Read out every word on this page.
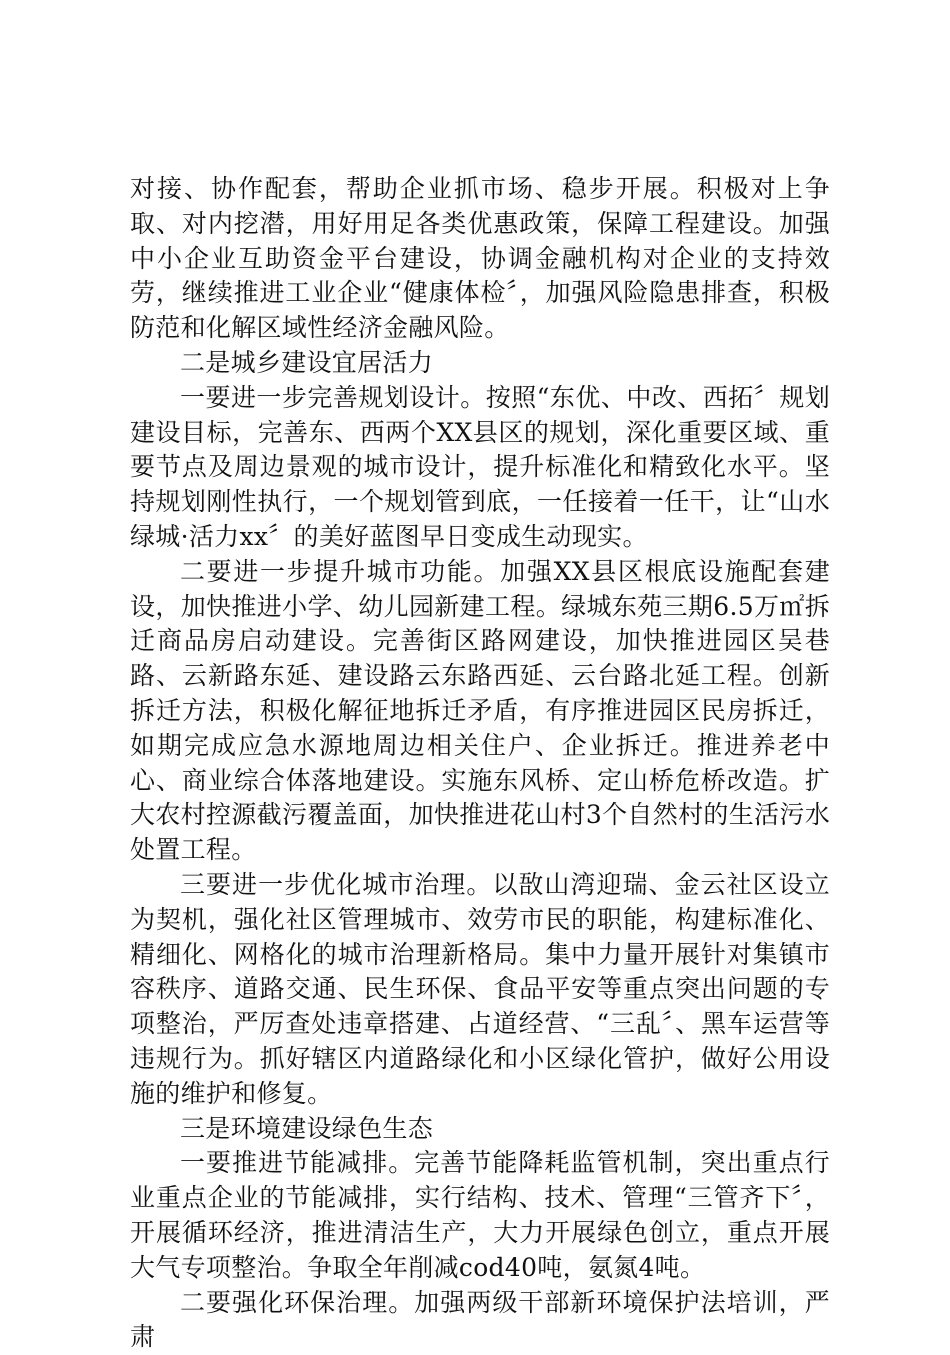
对接、协作配套，帮助企业抓市场、稳步开展。积极对上争取、对内挖潜，用好用足各类优惠政策，保障工程建设。加强中小企业互助资金平台建设，协调金融机构对企业的支持效劳，继续推进工业企业“健康体检〞，加强风险隐患排查，积极防范和化解区域性经济金融风险。

二是城乡建设宜居活力

一要进一步完善规划设计。按照“东优、中改、西拓〞规划建设目标，完善东、西两个XX县区的规划，深化重要区域、重要节点及周边景观的城市设计，提升标准化和精致化水平。坚持规划刚性执行，一个规划管到底，一任接着一任干，让“山水绿城·活力xx〞的美好蓝图早日变成生动现实。

二要进一步提升城市功能。加强XX县区根底设施配套建设，加快推进小学、幼儿园新建工程。绿城东苑三期6.5万㎡拆迁商品房启动建设。完善街区路网建设，加快推进园区吴巷路、云新路东延、建设路云东路西延、云台路北延工程。创新拆迁方法，积极化解征地拆迁矛盾，有序推进园区民房拆迁，如期完成应急水源地周边相关住户、企业拆迁。推进养老中心、商业综合体落地建设。实施东风桥、定山桥危桥改造。扩大农村控源截污覆盖面，加快推进花山村3个自然村的生活污水处置工程。

三要进一步优化城市治理。以敔山湾迎瑞、金云社区设立为契机，强化社区管理城市、效劳市民的职能，构建标准化、精细化、网格化的城市治理新格局。集中力量开展针对集镇市容秩序、道路交通、民生环保、食品平安等重点突出问题的专项整治，严厉查处违章搭建、占道经营、“三乱〞、黑车运营等违规行为。抓好辖区内道路绿化和小区绿化管护，做好公用设施的维护和修复。

三是环境建设绿色生态

一要推进节能减排。完善节能降耗监管机制，突出重点行业重点企业的节能减排，实行结构、技术、管理“三管齐下〞，开展循环经济，推进清洁生产，大力开展绿色创立，重点开展大气专项整治。争取全年削减cod40吨，氨氮4吨。

二要强化环保治理。加强两级干部新环境保护法培训，严肃
